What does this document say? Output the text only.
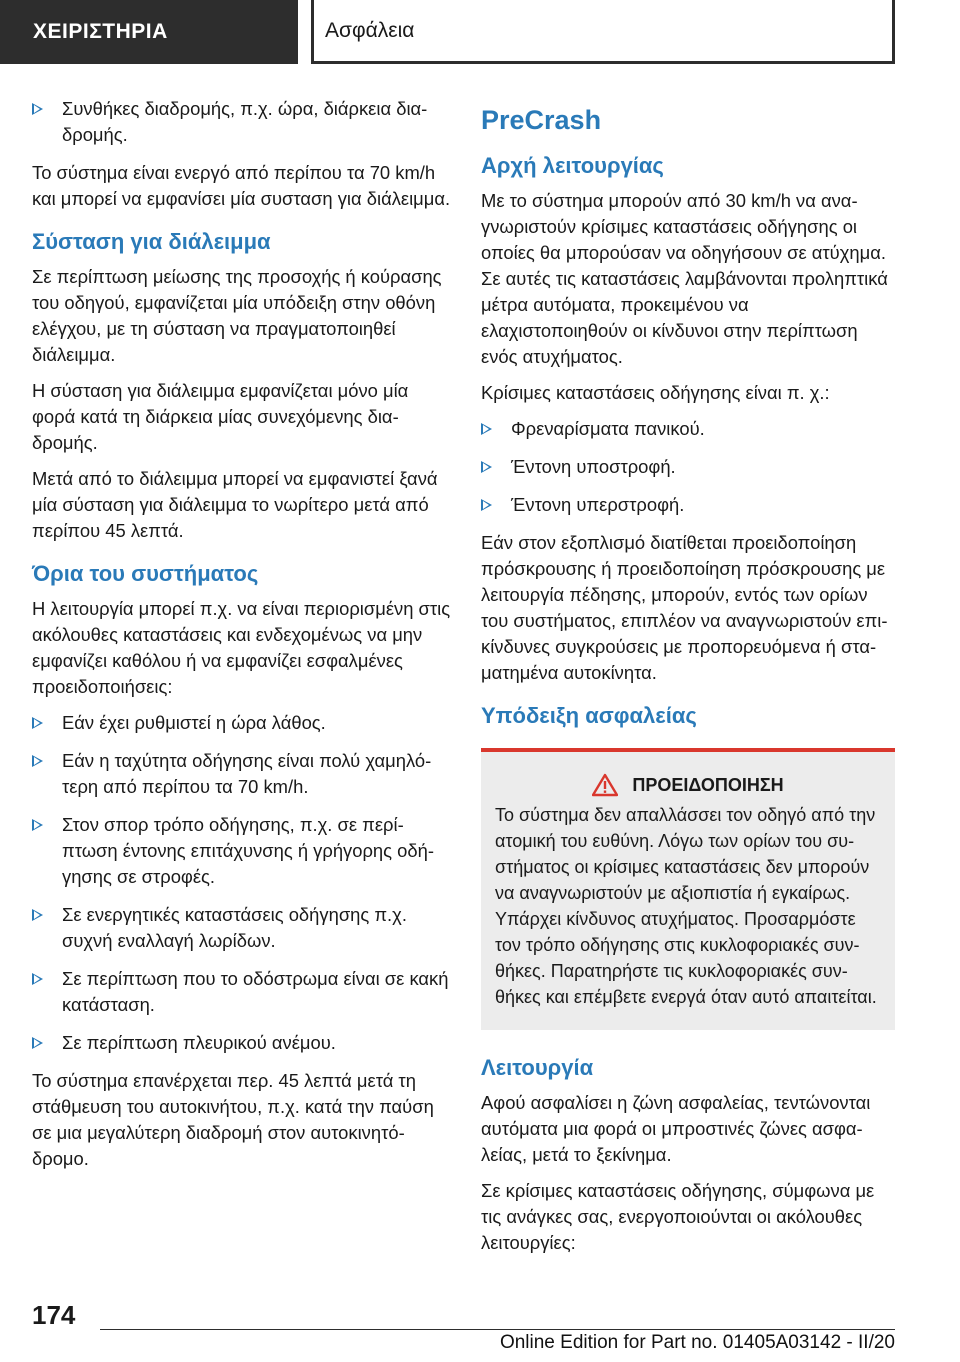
ΧΕΙΡΙΣΤΗΡΙΑ	Ασφάλεια
Συνθήκες διαδρομής, π.χ. ώρα, διάρκεια διαδρομής.

Το σύστημα είναι ενεργό από περίπου τα 70 km/h και μπορεί να εμφανίσει μία συσταση για διάλειμμα.

Σύσταση για διάλειμμα

Σε περίπτωση μείωσης της προσοχής ή κούρασης του οδηγού, εμφανίζεται μία υπόδειξη στην οθόνη ελέγχου, με τη σύσταση να πραγματοποιηθεί διάλειμμα.

Η σύσταση για διάλειμμα εμφανίζεται μόνο μία φορά κατά τη διάρκεια μίας συνεχόμενης διαδρομής.

Μετά από το διάλειμμα μπορεί να εμφανιστεί ξανά μία σύσταση για διάλειμμα το νωρίτερο μετά από περίπου 45 λεπτά.

Όρια του συστήματος

Η λειτουργία μπορεί π.χ. να είναι περιορισμένη στις ακόλουθες καταστάσεις και ενδεχομένως να μην εμφανίζει καθόλου ή να εμφανίζει εσφαλμένες προειδοποιήσεις:

Εάν έχει ρυθμιστεί η ώρα λάθος.
Εάν η ταχύτητα οδήγησης είναι πολύ χαμηλότερη από περίπου τα 70 km/h.
Στον σπορ τρόπο οδήγησης, π.χ. σε περίπτωση έντονης επιτάχυνσης ή γρήγορης οδήγησης σε στροφές.
Σε ενεργητικές καταστάσεις οδήγησης π.χ. συχνή εναλλαγή λωρίδων.
Σε περίπτωση που το οδόστρωμα είναι σε κακή κατάσταση.
Σε περίπτωση πλευρικού ανέμου.

Το σύστημα επανέρχεται περ. 45 λεπτά μετά τη στάθμευση του αυτοκινήτου, π.χ. κατά την παύση σε μια μεγαλύτερη διαδρομή στον αυτοκινητόδρομο.

PreCrash
Αρχή λειτουργίας

Με το σύστημα μπορούν από 30 km/h να αναγνωριστούν κρίσιμες καταστάσεις οδήγησης οι οποίες θα μπορούσαν να οδηγήσουν σε ατύχημα. Σε αυτές τις καταστάσεις λαμβάνονται προληπτικά μέτρα αυτόματα, προκειμένου να ελαχιστοποιηθούν οι κίνδυνοι στην περίπτωση ενός ατυχήματος.

Κρίσιμες καταστάσεις οδήγησης είναι π. χ.:

Φρεναρίσματα πανικού.
Έντονη υποστροφή.
Έντονη υπερστροφή.

Εάν στον εξοπλισμό διατίθεται προειδοποίηση πρόσκρουσης ή προειδοποίηση πρόσκρουσης με λειτουργία πέδησης, μπορούν, εντός των ορίων του συστήματος, επιπλέον να αναγνωριστούν επικίνδυνες συγκρούσεις με προπορευόμενα ή σταματημένα αυτοκίνητα.

Υπόδειξη ασφαλείας
ΠΡΟΕΙΔΟΠΟΙΗΣΗ
Το σύστημα δεν απαλλάσσει τον οδηγό από την ατομική του ευθύνη. Λόγω των ορίων του συστήματος οι κρίσιμες καταστάσεις δεν μπορούν να αναγνωριστούν με αξιοπιστία ή εγκαίρως. Υπάρχει κίνδυνος ατυχήματος. Προσαρμόστε τον τρόπο οδήγησης στις κυκλοφοριακές συνθήκες. Παρατηρήστε τις κυκλοφοριακές συνθήκες και επέμβετε ενεργά όταν αυτό απαιτείται.
Λειτουργία

Αφού ασφαλίσει η ζώνη ασφαλείας, τεντώνονται αυτόματα μια φορά οι μπροστινές ζώνες ασφαλείας, μετά το ξεκίνημα.

Σε κρίσιμες καταστάσεις οδήγησης, σύμφωνα με τις ανάγκες σας, ενεργοποιούνται οι ακόλουθες λειτουργίες:

174
Online Edition for Part no. 01405A03142 - II/20
